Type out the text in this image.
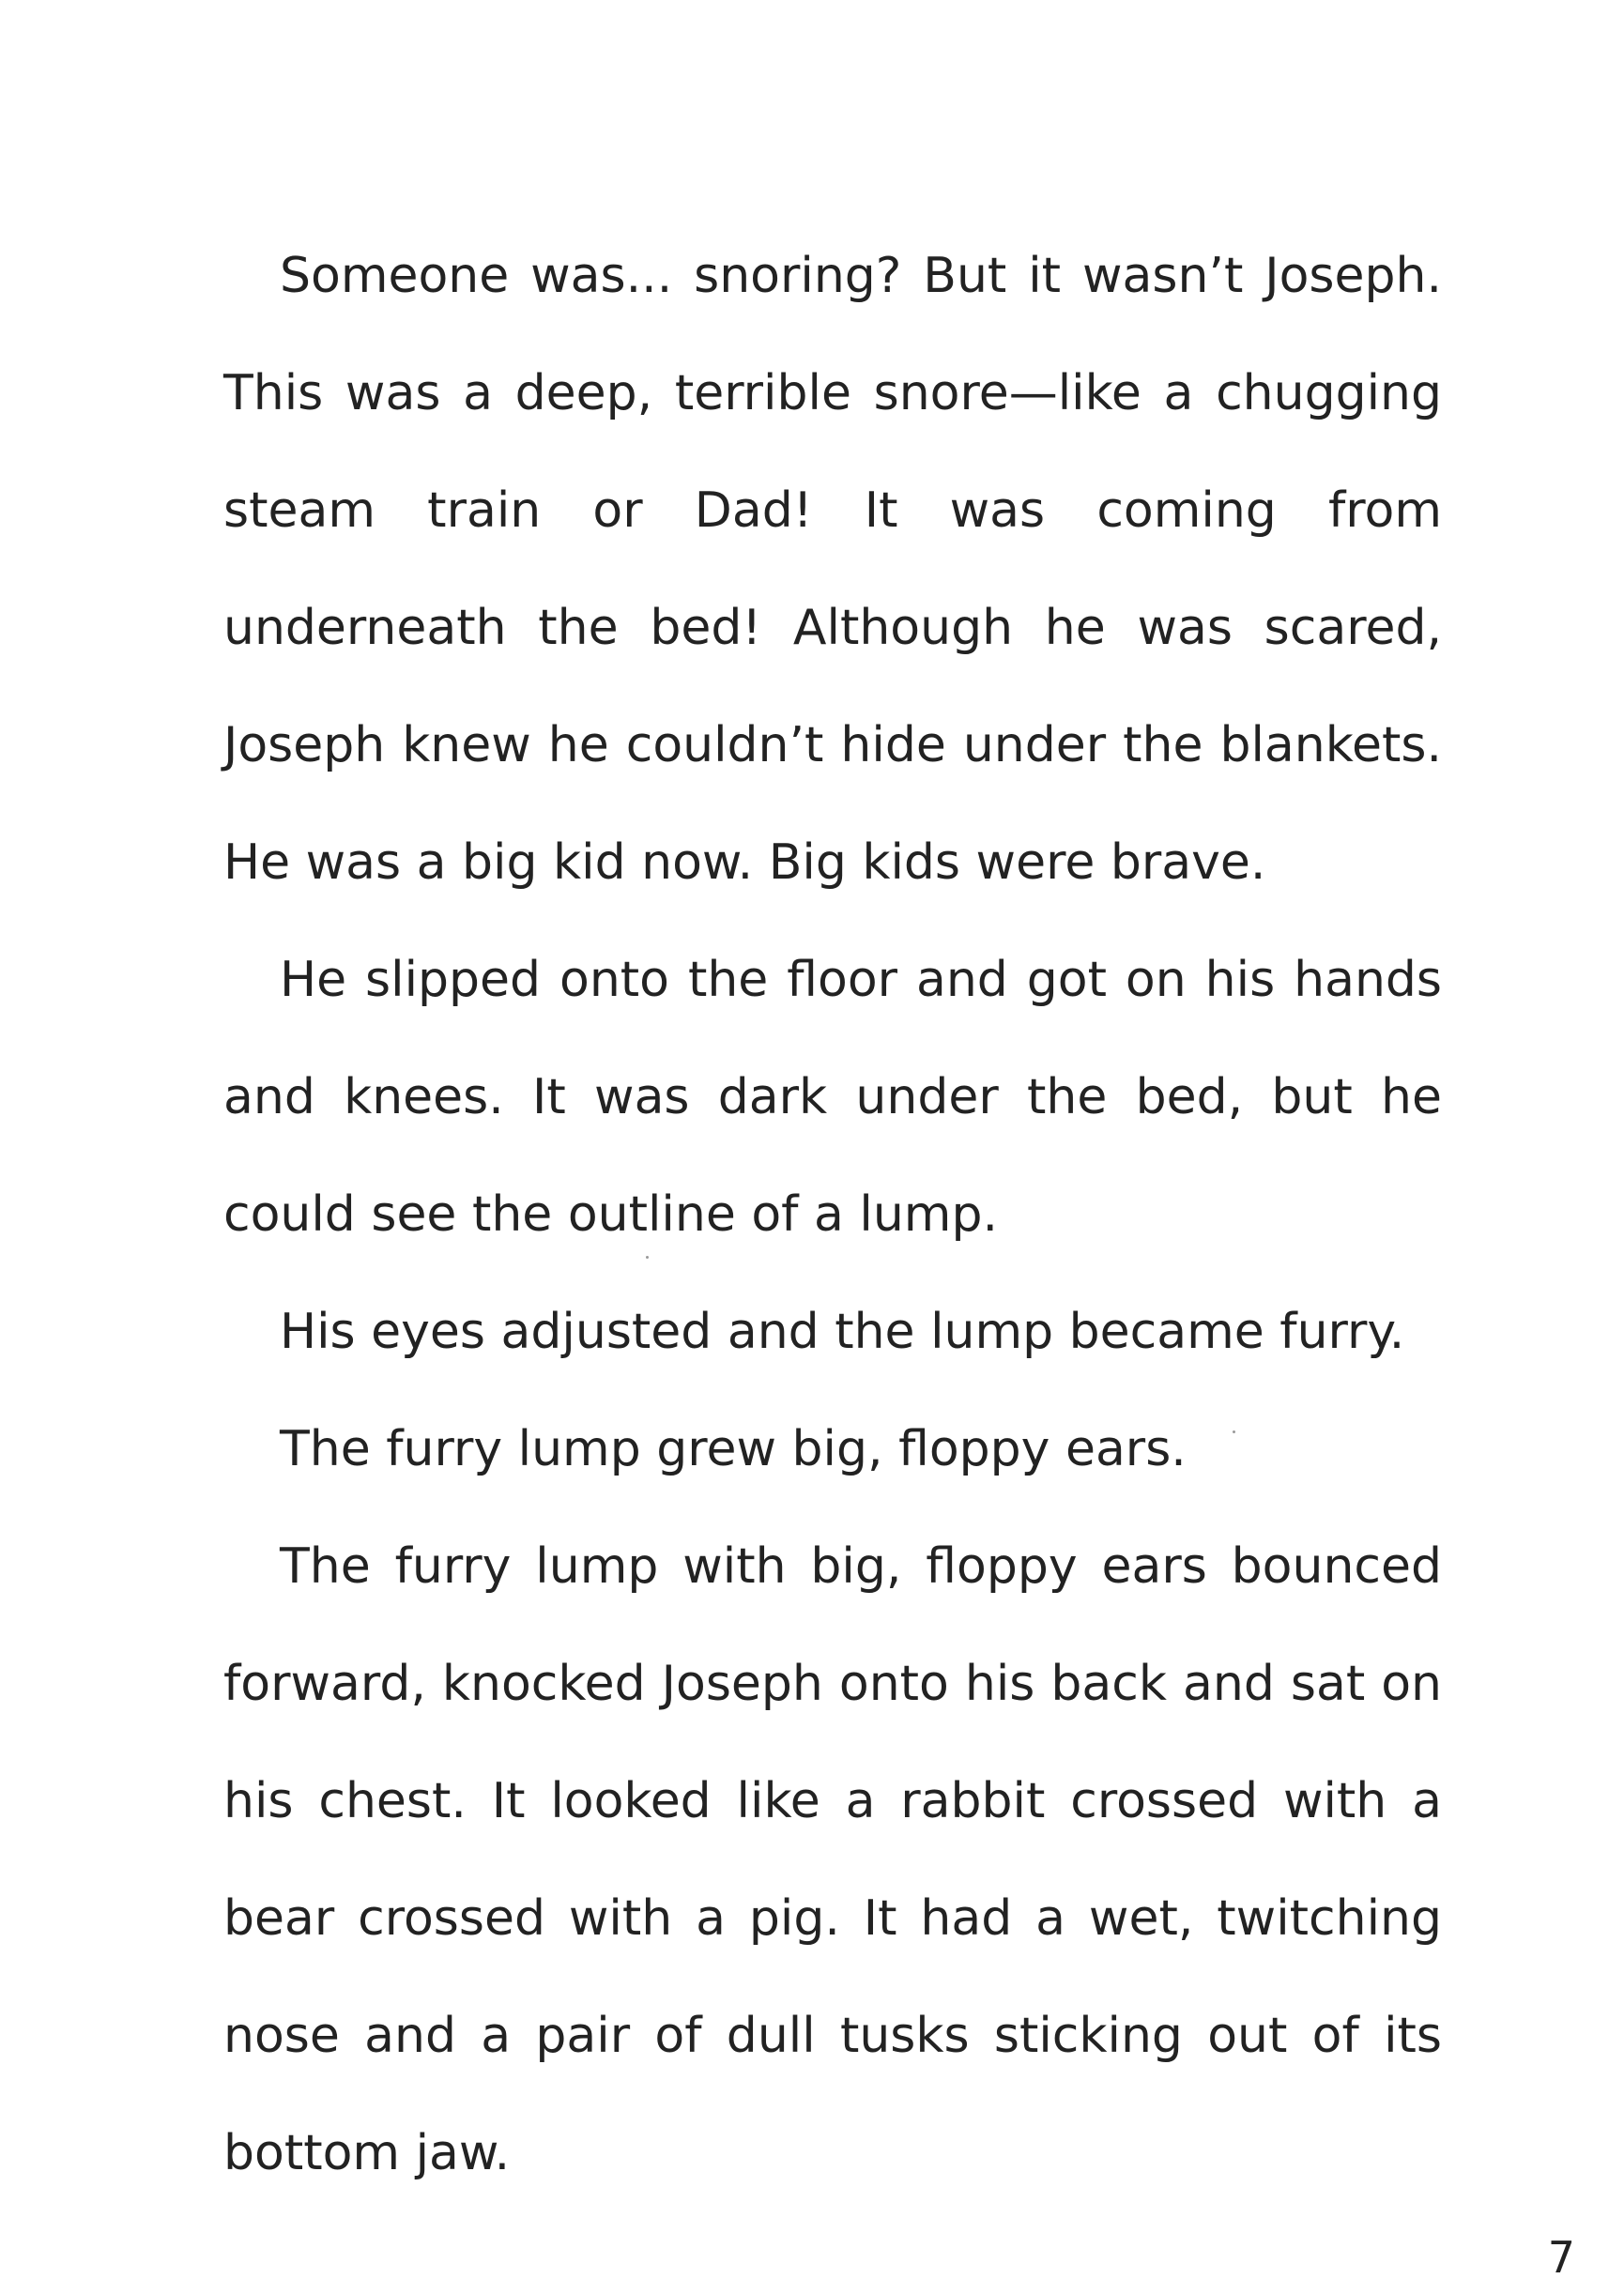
Someone was... snoring? But it wasn’t Joseph. This was a deep, terrible snore—like a chugging steam train or Dad! It was coming from underneath the bed! Although he was scared, Joseph knew he couldn’t hide under the blankets. He was a big kid now. Big kids were brave.

He slipped onto the floor and got on his hands and knees. It was dark under the bed, but he could see the outline of a lump.

His eyes adjusted and the lump became furry.

The furry lump grew big, floppy ears.

The furry lump with big, floppy ears bounced forward, knocked Joseph onto his back and sat on his chest. It looked like a rabbit crossed with a bear crossed with a pig. It had a wet, twitching nose and a pair of dull tusks sticking out of its bottom jaw.

7
